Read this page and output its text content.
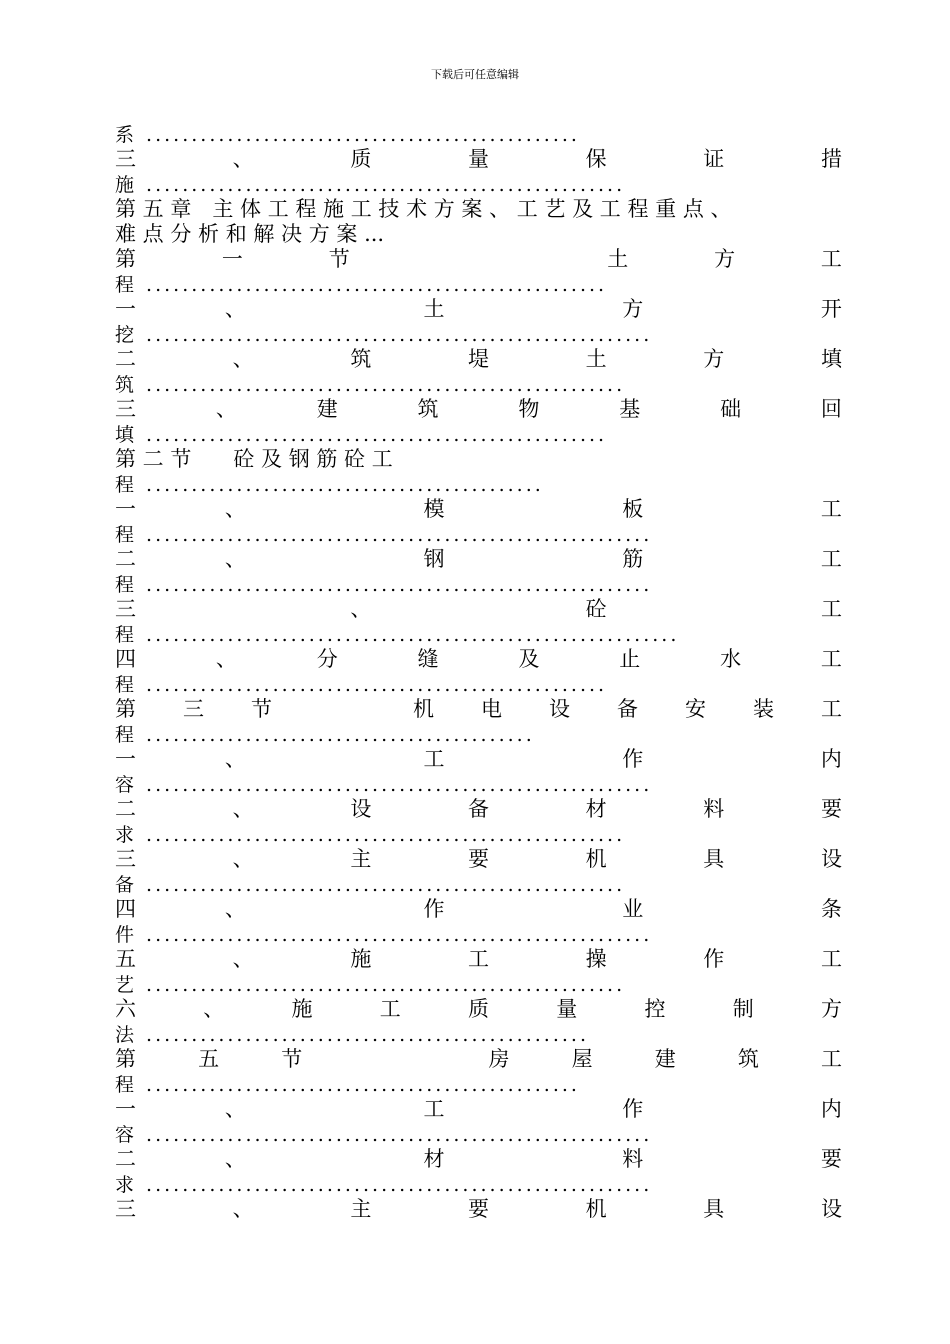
下载后可任意编辑
系 ................................................
三	、	质	量	保	证	措
施 .....................................................
第 五 章　主 体 工 程 施 工 技 术 方 案 、 工 艺 及 工 程 重 点 、
难 点 分 析 和 解 决 方 案 ...
第	一	节	土	方	工
程 ...................................................
一	、	土	方	开
挖 ........................................................
二	、	筑	堤	土	方	填
筑 .....................................................
三	、	建	筑	物	基	础	回
填 ...................................................
第 二 节　　砼 及 钢 筋 砼 工
程 ............................................
一	、	模	板	工
程 ........................................................
二	、	钢	筋	工
程 ........................................................
三	、	砼	工
程 ...........................................................
四	、	分	缝	及	止	水	工
程 ...................................................
第 三 节	机 电 设 备 安 装 工
程 ...........................................
一	、	工	作	内
容 ........................................................
二	、	设	备	材	料	要
求 .....................................................
三	、	主	要	机	具	设
备 .....................................................
四	、	作	业	条
件 ........................................................
五	、	施	工	操	作	工
艺 .....................................................
六	、	施	工	质	量	控	制	方
法 .................................................
第	五	节	房	屋	建	筑	工
程 ................................................
一	、	工	作	内
容 ........................................................
二	、	材	料	要
求 ........................................................
三	、	主	要	机	具	设
